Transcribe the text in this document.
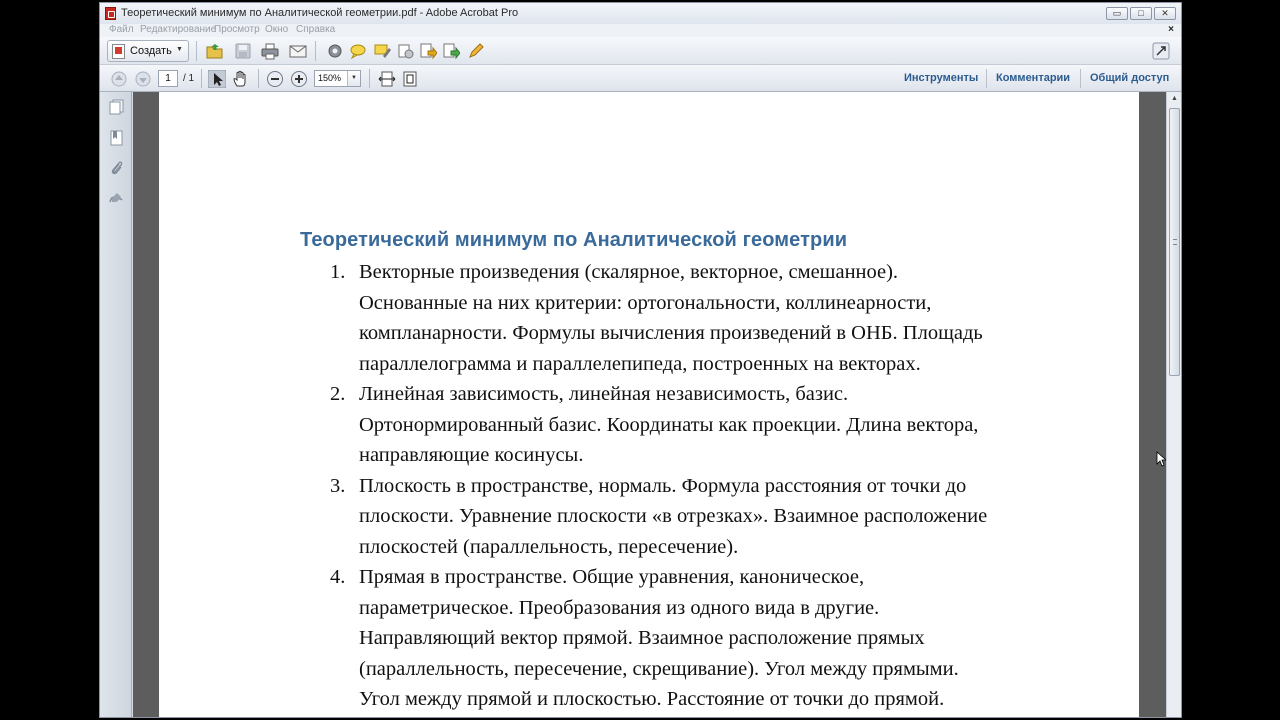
Теоретический минимум по Аналитической геометрии.pdf - Adobe Acrobat Pro	▭	□	✕
Файл Редактирование
Просмотр Окно Справка	×
Создать ▼
1	/ 1	150%	▼	Инструменты Комментарии Общий доступ
Теоретический минимум по Аналитической геометрии
1. Векторные произведения (скалярное, векторное, смешанное).
Основанные на них критерии: ортогональности, коллинеарности,
компланарности. Формулы вычисления произведений в ОНБ. Площадь
параллелограмма и параллелепипеда, построенных на векторах.
2. Линейная зависимость, линейная независимость, базис.
Ортонормированный базис. Координаты как проекции. Длина вектора,
направляющие косинусы.
3. Плоскость в пространстве, нормаль. Формула расстояния от точки до
плоскости. Уравнение плоскости «в отрезках». Взаимное расположение
плоскостей (параллельность, пересечение).
4. Прямая в пространстве. Общие уравнения, каноническое,
параметрическое. Преобразования из одного вида в другие.
Направляющий вектор прямой. Взаимное расположение прямых
(параллельность, пересечение, скрещивание). Угол между прямыми.
Угол между прямой и плоскостью. Расстояние от точки до прямой.
▲
